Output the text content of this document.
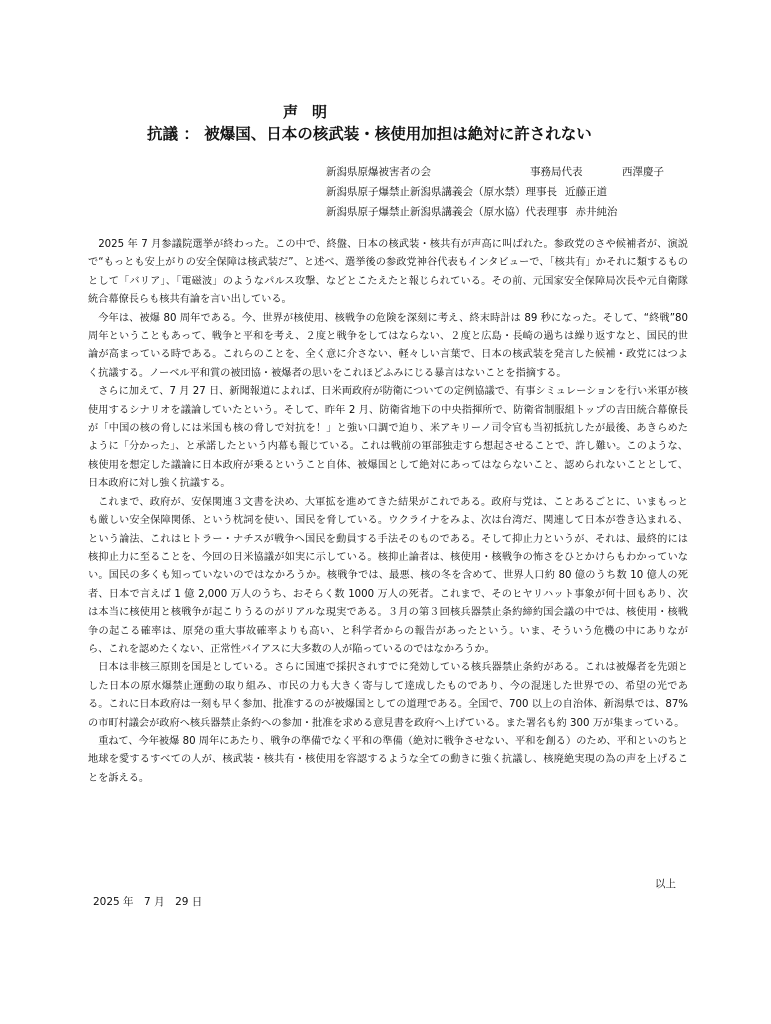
声明
抗議 ： 被爆国、日本の核武装・核使用加担は絶対に許されない
新潟県原爆被害者の会	事務局代表	西澤慶子
新潟県原子爆禁止新潟県講義会（原水禁） 理事長 近藤正道
新潟県原子爆禁止新潟県講義会（原水協） 代表理事 赤井純治

2025 年 7 月参議院選挙が終わった。この中で、終盤、日本の核武装・核共有が声高に叫ばれた。参政党のさや候補者が、演説で“もっとも安上がりの安全保障は核武装だ”、と述べ、選挙後の参政党神谷代表もインタビューで、「核共有」かそれに類するものとして「バリア」、「電磁波」のようなパルス攻撃、などとこたえたと報じられている。その前、元国家安全保障局次長や元自衛隊統合幕僚長らも核共有論を言い出している。

今年は、被爆 80 周年である。今、世界が核使用、核戦争の危険を深刻に考え、終末時計は 89 秒になった。そして、“終戦”80 周年ということもあって、戦争と平和を考え、２度と戦争をしてはならない、２度と広島・長崎の過ちは繰り返すなと、国民的世論が高まっている時である。これらのことを、全く意に介さない、軽々しい言葉で、日本の核武装を発言した候補・政党にはつよく抗議する。ノーベル平和賞の被団協・被爆者の思いをこれほどふみにじる暴言はないことを指摘する。

さらに加えて、7 月 27 日、新聞報道によれば、日米両政府が防衛についての定例協議で、有事シミュレーションを行い米軍が核使用するシナリオを議論していたという。そして、昨年 2 月、防衛省地下の中央指揮所で、防衛省制服組トップの吉田統合幕僚長が「中国の核の脅しには米国も核の脅しで対抗を！」と強い口調で迫り、米アキリーノ司令官も当初抵抗したが最後、あきらめたように「分かった」、と承諾したという内幕も報じている。これは戦前の軍部独走すら想起させることで、許し難い。このような、核使用を想定した議論に日本政府が乗るということ自体、被爆国として絶対にあってはならないこと、認められないこととして、日本政府に対し強く抗議する。

これまで、政府が、安保関連３文書を決め、大軍拡を進めてきた結果がこれである。政府与党は、ことあるごとに、いまもっとも厳しい安全保障関係、という枕詞を使い、国民を脅している。ウクライナをみよ、次は台湾だ、関連して日本が巻き込まれる、という論法、これはヒトラー・ナチスが戦争へ国民を動員する手法そのものである。そして抑止力というが、それは、最終的には核抑止力に至ることを、今回の日米協議が如実に示している。核抑止論者は、核使用・核戦争の怖さをひとかけらもわかっていない。国民の多くも知っていないのではなかろうか。核戦争では、最悪、核の冬を含めて、世界人口約 80 億のうち数 10 億人の死者、日本で言えば 1 億 2,000 万人のうち、おそらく数 1000 万人の死者。これまで、そのヒヤリハット事象が何十回もあり、次は本当に核使用と核戦争が起こりうるのがリアルな現実である。３月の第３回核兵器禁止条約締約国会議の中では、核使用・核戦争の起こる確率は、原発の重大事故確率よりも高い、と科学者からの報告があったという。いま、そういう危機の中にありながら、これを認めたくない、正常性バイアスに大多数の人が陥っているのではなかろうか。

日本は非核三原則を国是としている。さらに国連で採択されすでに発効している核兵器禁止条約がある。これは被爆者を先頭とした日本の原水爆禁止運動の取り組み、市民の力も大きく寄与して達成したものであり、今の混迷した世界での、希望の光である。これに日本政府は一刻も早く参加、批准するのが被爆国としての道理である。全国で、700 以上の自治体、新潟県では、87% の市町村議会が政府へ核兵器禁止条約への参加・批准を求める意見書を政府へ上げている。また署名も約 300 万が集まっている。

重ねて、今年被爆 80 周年にあたり、戦争の準備でなく平和の準備（絶対に戦争させない、平和を創る）のため、平和といのちと地球を愛するすべての人が、核武装・核共有・核使用を容認するような全ての動きに強く抗議し、核廃絶実現の為の声を上げることを訴える。

以上
2025 年　7 月　29 日
